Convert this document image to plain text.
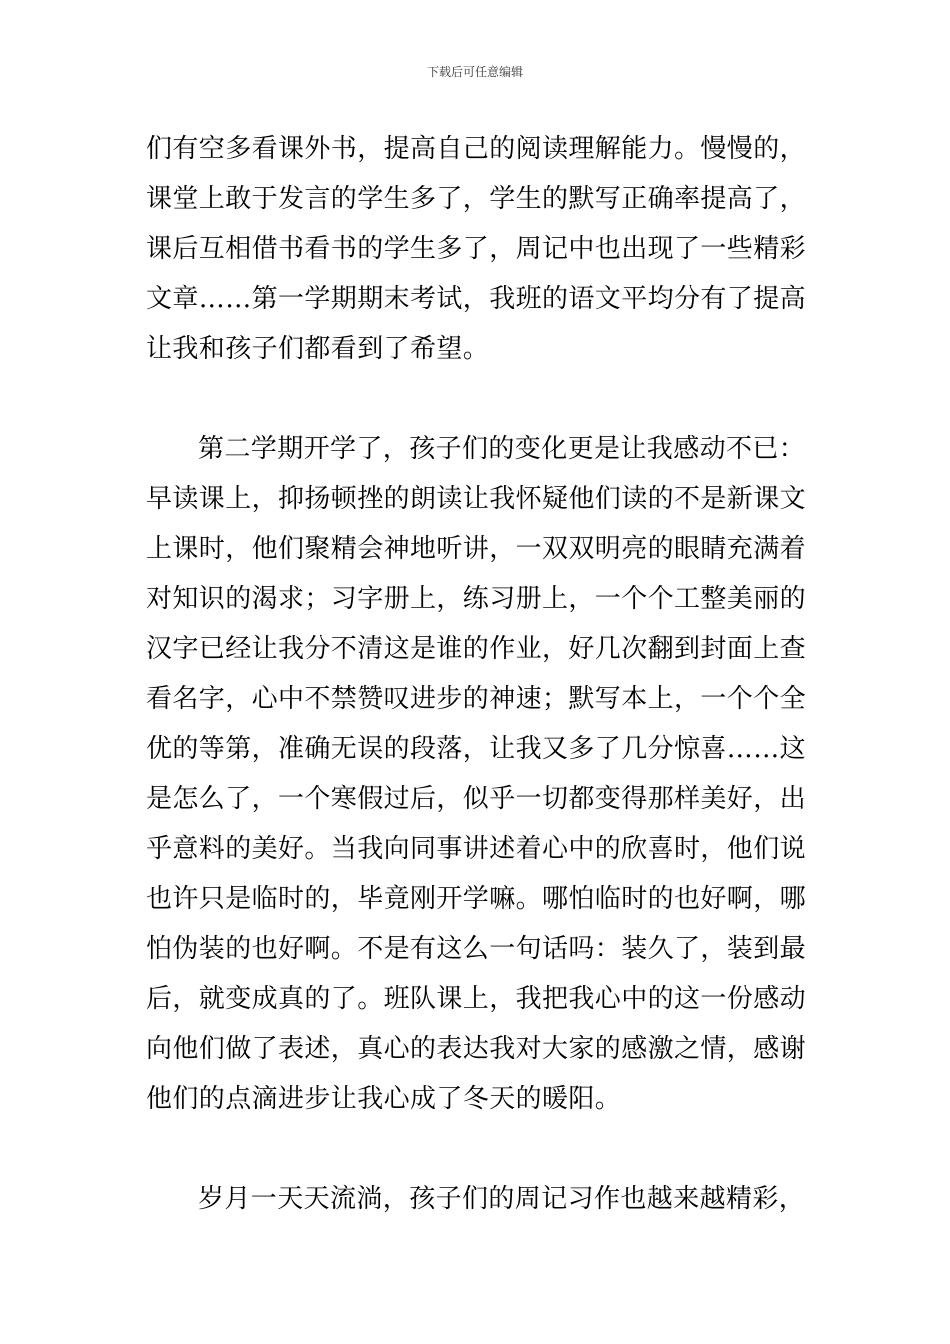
下载后可任意编辑
们有空多看课外书，提高自己的阅读理解能力。慢慢的，
课堂上敢于发言的学生多了，学生的默写正确率提高了，
课后互相借书看书的学生多了，周记中也出现了一些精彩
文章……第一学期期末考试，我班的语文平均分有了提高
让我和孩子们都看到了希望。
第二学期开学了，孩子们的变化更是让我感动不已：
早读课上，抑扬顿挫的朗读让我怀疑他们读的不是新课文
上课时，他们聚精会神地听讲，一双双明亮的眼睛充满着
对知识的渴求；习字册上，练习册上，一个个工整美丽的
汉字已经让我分不清这是谁的作业，好几次翻到封面上查
看名字，心中不禁赞叹进步的神速；默写本上，一个个全
优的等第，准确无误的段落，让我又多了几分惊喜……这
是怎么了，一个寒假过后，似乎一切都变得那样美好，出
乎意料的美好。当我向同事讲述着心中的欣喜时，他们说
也许只是临时的，毕竟刚开学嘛。哪怕临时的也好啊，哪
怕伪装的也好啊。不是有这么一句话吗：装久了，装到最
后，就变成真的了。班队课上，我把我心中的这一份感动
向他们做了表述，真心的表达我对大家的感激之情，感谢
他们的点滴进步让我心成了冬天的暖阳。
岁月一天天流淌，孩子们的周记习作也越来越精彩，
